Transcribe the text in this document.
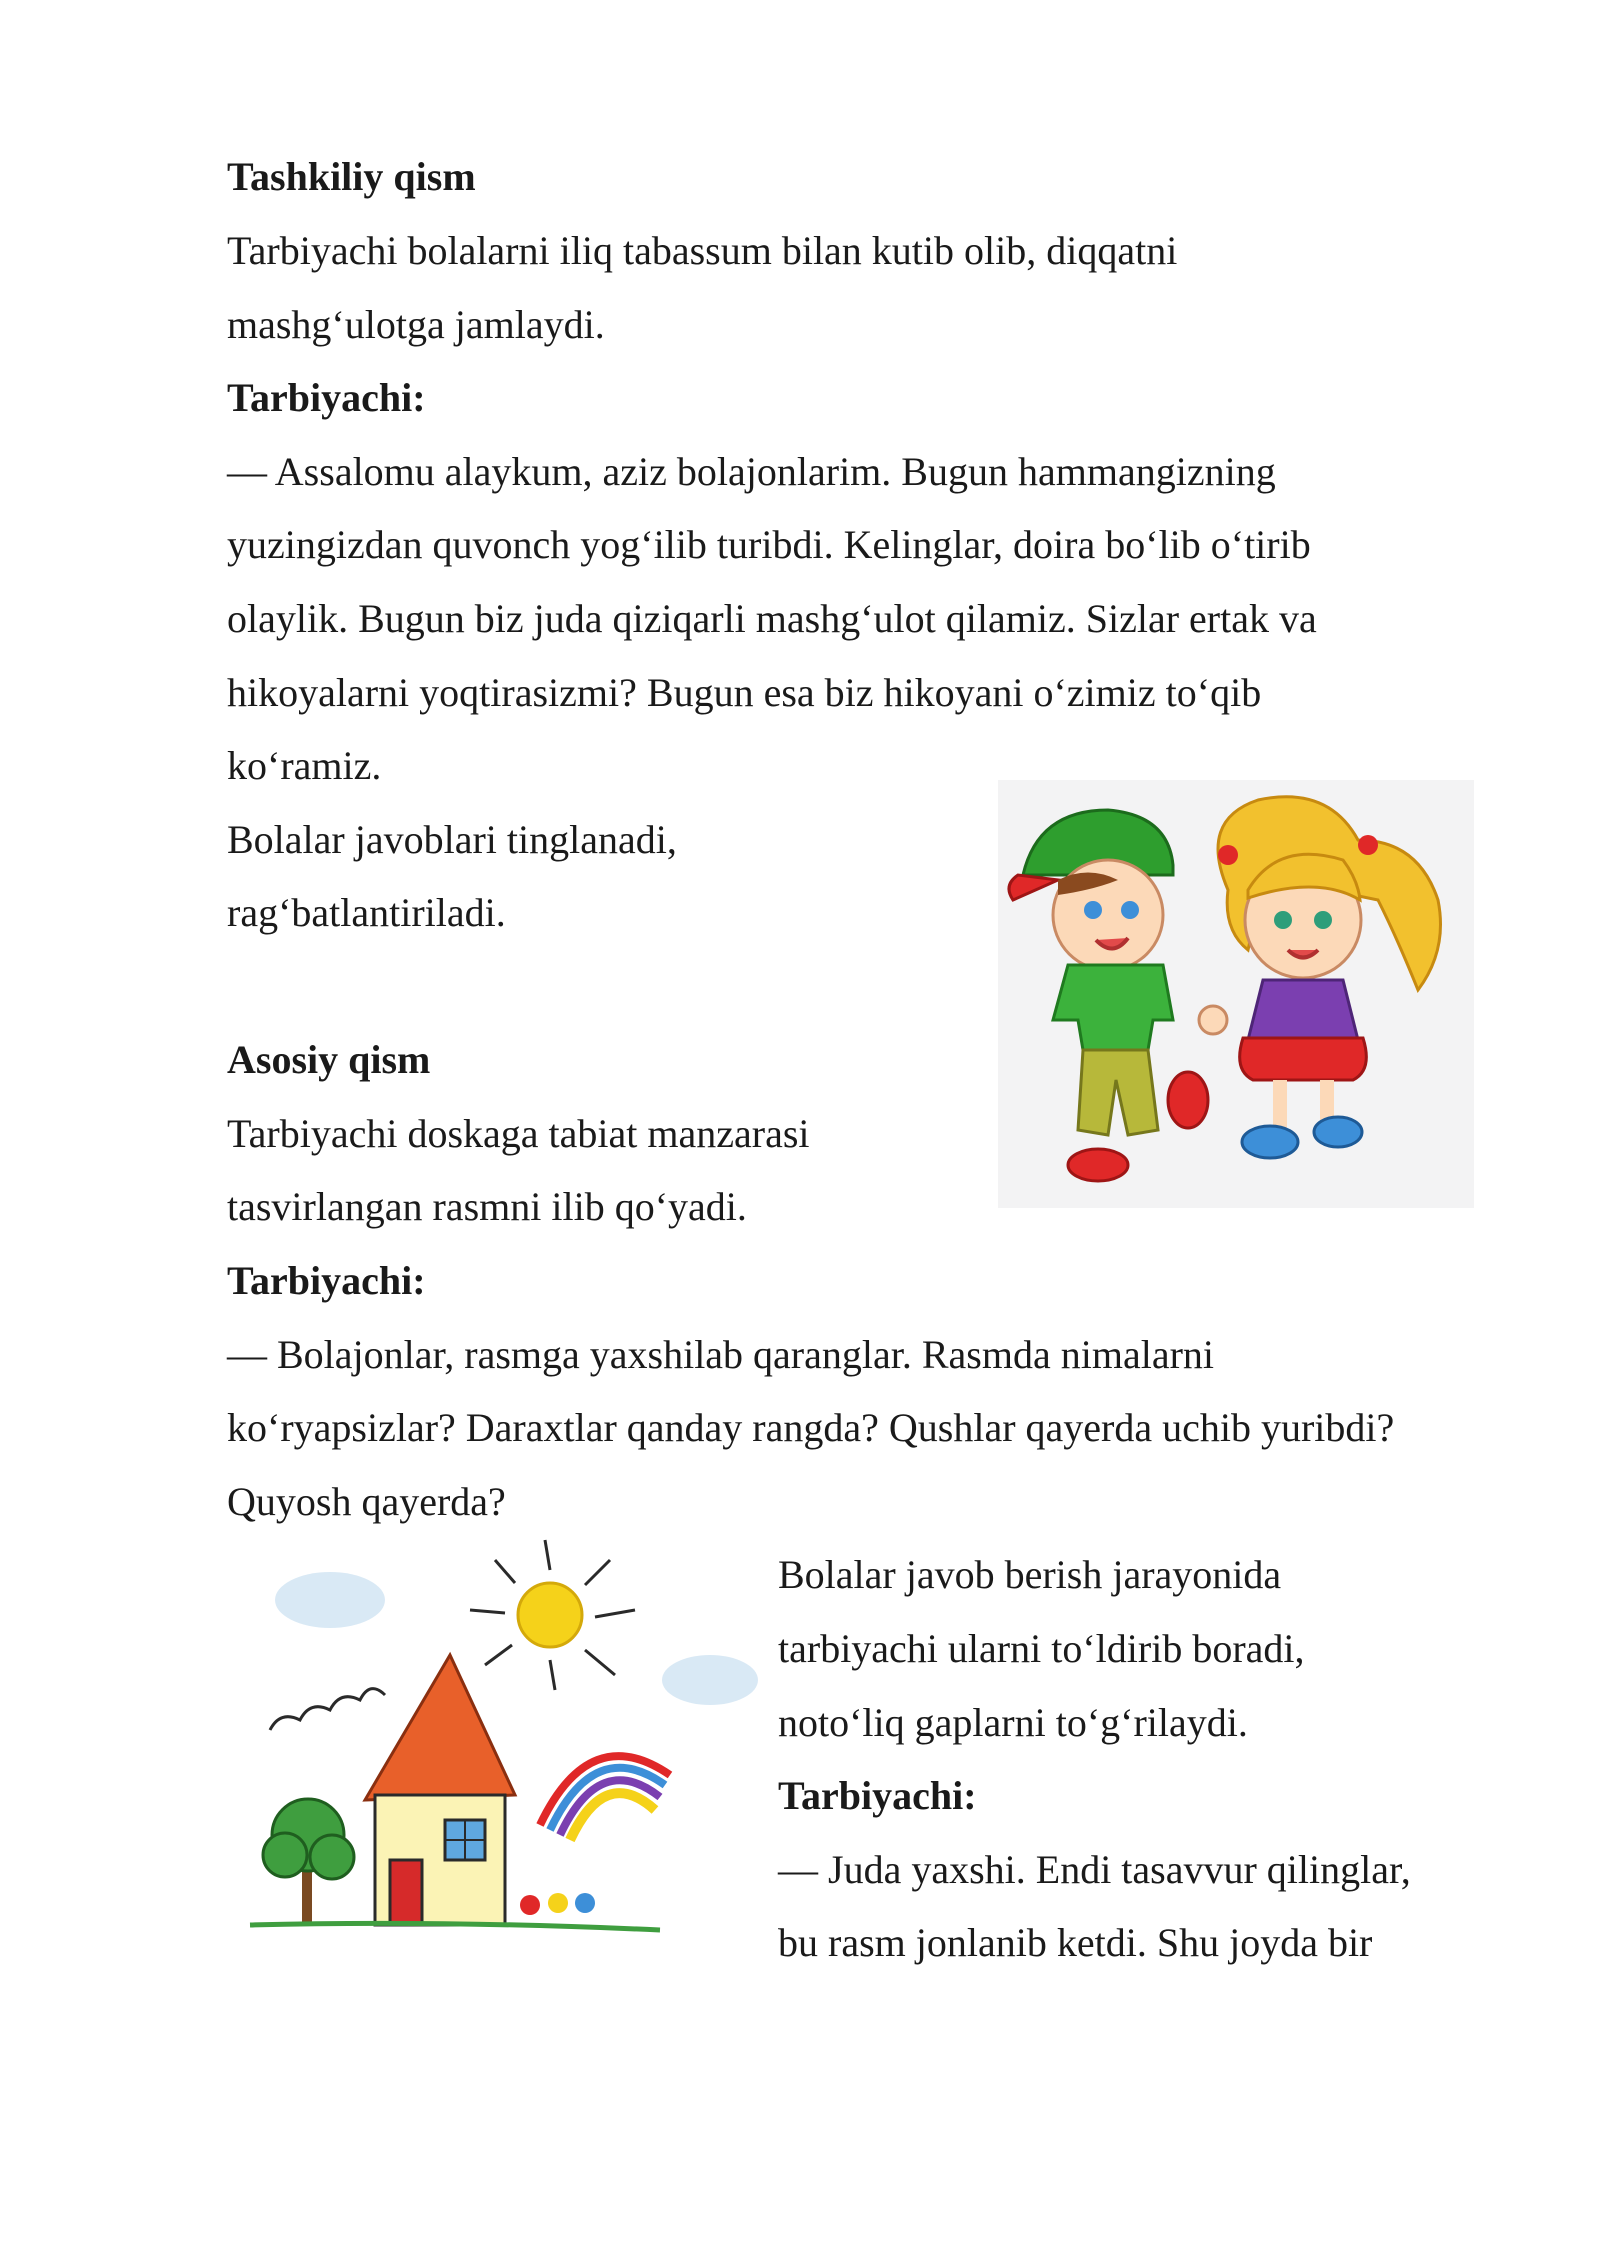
Tashkiliy qism
Tarbiyachi bolalarni iliq tabassum bilan kutib olib, diqqatni
mashg‘ulotga jamlaydi.
Tarbiyachi:
— Assalomu alaykum, aziz bolajonlarim. Bugun hammangizning
yuzingizdan quvonch yog‘ilib turibdi. Kelinglar, doira bo‘lib o‘tirib
olaylik. Bugun biz juda qiziqarli mashg‘ulot qilamiz. Sizlar ertak va
hikoyalarni yoqtirasizmi? Bugun esa biz hikoyani o‘zimiz to‘qib
ko‘ramiz.
Bolalar javoblari tinglanadi,
rag‘batlantiriladi.
Asosiy qism
Tarbiyachi doskaga tabiat manzarasi
tasvirlangan rasmni ilib qo‘yadi.
Tarbiyachi:
— Bolajonlar, rasmga yaxshilab qaranglar. Rasmda nimalarni
ko‘ryapsizlar? Daraxtlar qanday rangda? Qushlar qayerda uchib yuribdi?
Quyosh qayerda?
Bolalar javob berish jarayonida
tarbiyachi ularni to‘ldirib boradi,
noto‘liq gaplarni to‘g‘rilaydi.
Tarbiyachi:
— Juda yaxshi. Endi tasavvur qilinglar,
bu rasm jonlanib ketdi. Shu joyda bir
